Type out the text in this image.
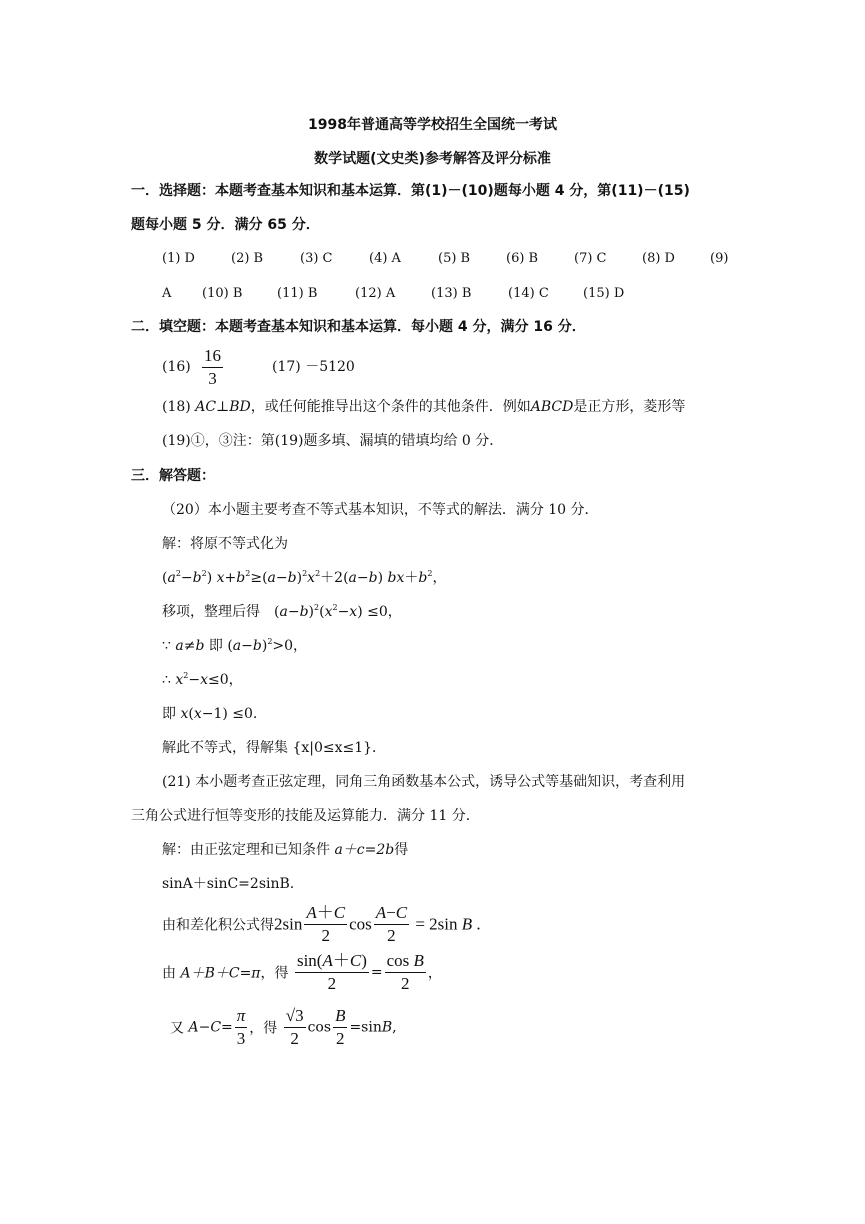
1998年普通高等学校招生全国统一考试
数学试题(文史类)参考解答及评分标准
一．选择题：本题考查基本知识和基本运算．第(1)－(10)题每小题 4 分，第(11)－(15)
题每小题 5 分．满分 65 分．
(1) D	(2) B	(3) C	(4) A	(5) B	(6) B	(7) C	(8) D	(9)
A (10) B	(11) B	(12) A	(13) B	(14) C	(15) D
二．填空题：本题考查基本知识和基本运算．每小题 4 分，满分 16 分．
$(16) \frac{16}{3}$	(17) －5120
(18) AC⊥BD，或任何能推导出这个条件的其他条件．例如ABCD是正方形，菱形等
(19)①，③注：第(19)题多填、漏填的错填均给 0 分．
三．解答题：
（20）本小题主要考查不等式基本知识，不等式的解法．满分 10 分．
解：将原不等式化为
$(a^2-b^2)$ $x+b^2\ge(a-b)^2x^2+2(a-b)$ $bx+b^2$，
移项，整理后得　$(a-b)^2(x^2-x) \le 0$，
∵ a≠b 即 $(a-b)^2>0$，
∴ $x^2-x\le 0$，
即 x(x−1) ≤0.
解此不等式，得解集 {x|0≤x≤1}．
(21) 本小题考查正弦定理，同角三角函数基本公式，诱导公式等基础知识，考查利用
三角公式进行恒等变形的技能及运算能力．满分 11 分．
解：由正弦定理和已知条件 a＋c=2b得
sinA＋sinC=2sinB.
由和差化积公式得$2\sin \frac{A+C}{2}$ $\cos \frac{A-C}{2} = 2\sin$ B .
由 A＋B＋C=π，得 $\frac{\sin(A+C)}{2} = \frac{\text{cos B}}{2}$ ，
又 $A-C= \frac{\pi}{3}$ ，得 $\frac{√3}{2}$ $\cos \frac{B}{2} =\sin B$,
